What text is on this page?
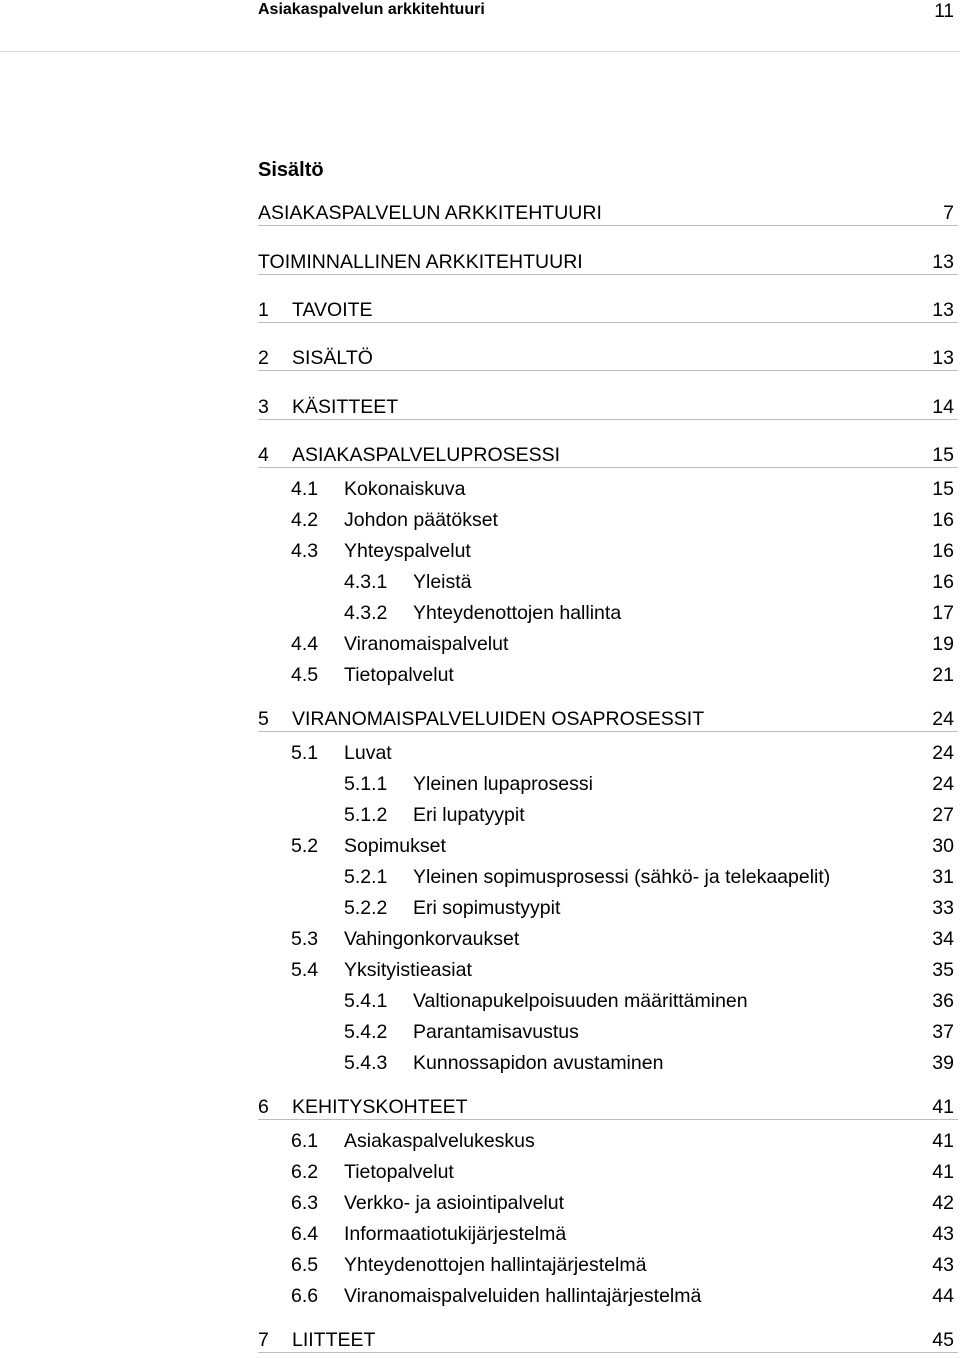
Asiakaspalvelun arkkitehtuuri	11
Sisältö
ASIAKASPALVELUN ARKKITEHTUURI	7
TOIMINNALLINEN ARKKITEHTUURI	13
1 TAVOITE	13
2 SISÄLTÖ	13
3 KÄSITTEET	14
4 ASIAKASPALVELUPROSESSI	15
4.1 Kokonaiskuva	15
4.2 Johdon päätökset	16
4.3 Yhteyspalvelut	16
4.3.1 Yleistä	16
4.3.2 Yhteydenottojen hallinta	17
4.4 Viranomaispalvelut	19
4.5 Tietopalvelut	21
5 VIRANOMAISPALVELUIDEN OSAPROSESSIT	24
5.1 Luvat	24
5.1.1 Yleinen lupaprosessi	24
5.1.2 Eri lupatyypit	27
5.2 Sopimukset	30
5.2.1 Yleinen sopimusprosessi (sähkö- ja telekaapelit)	31
5.2.2 Eri sopimustyypit	33
5.3 Vahingonkorvaukset	34
5.4 Yksityistieasiat	35
5.4.1 Valtionapukelpoisuuden määrittäminen	36
5.4.2 Parantamisavustus	37
5.4.3 Kunnossapidon avustaminen	39
6 KEHITYSKOHTEET	41
6.1 Asiakaspalvelukeskus	41
6.2 Tietopalvelut	41
6.3 Verkko- ja asiointipalvelut	42
6.4 Informaatiotukijärjestelmä	43
6.5 Yhteydenottojen hallintajärjestelmä	43
6.6 Viranomaispalveluiden hallintajärjestelmä	44
7 LIITTEET	45
